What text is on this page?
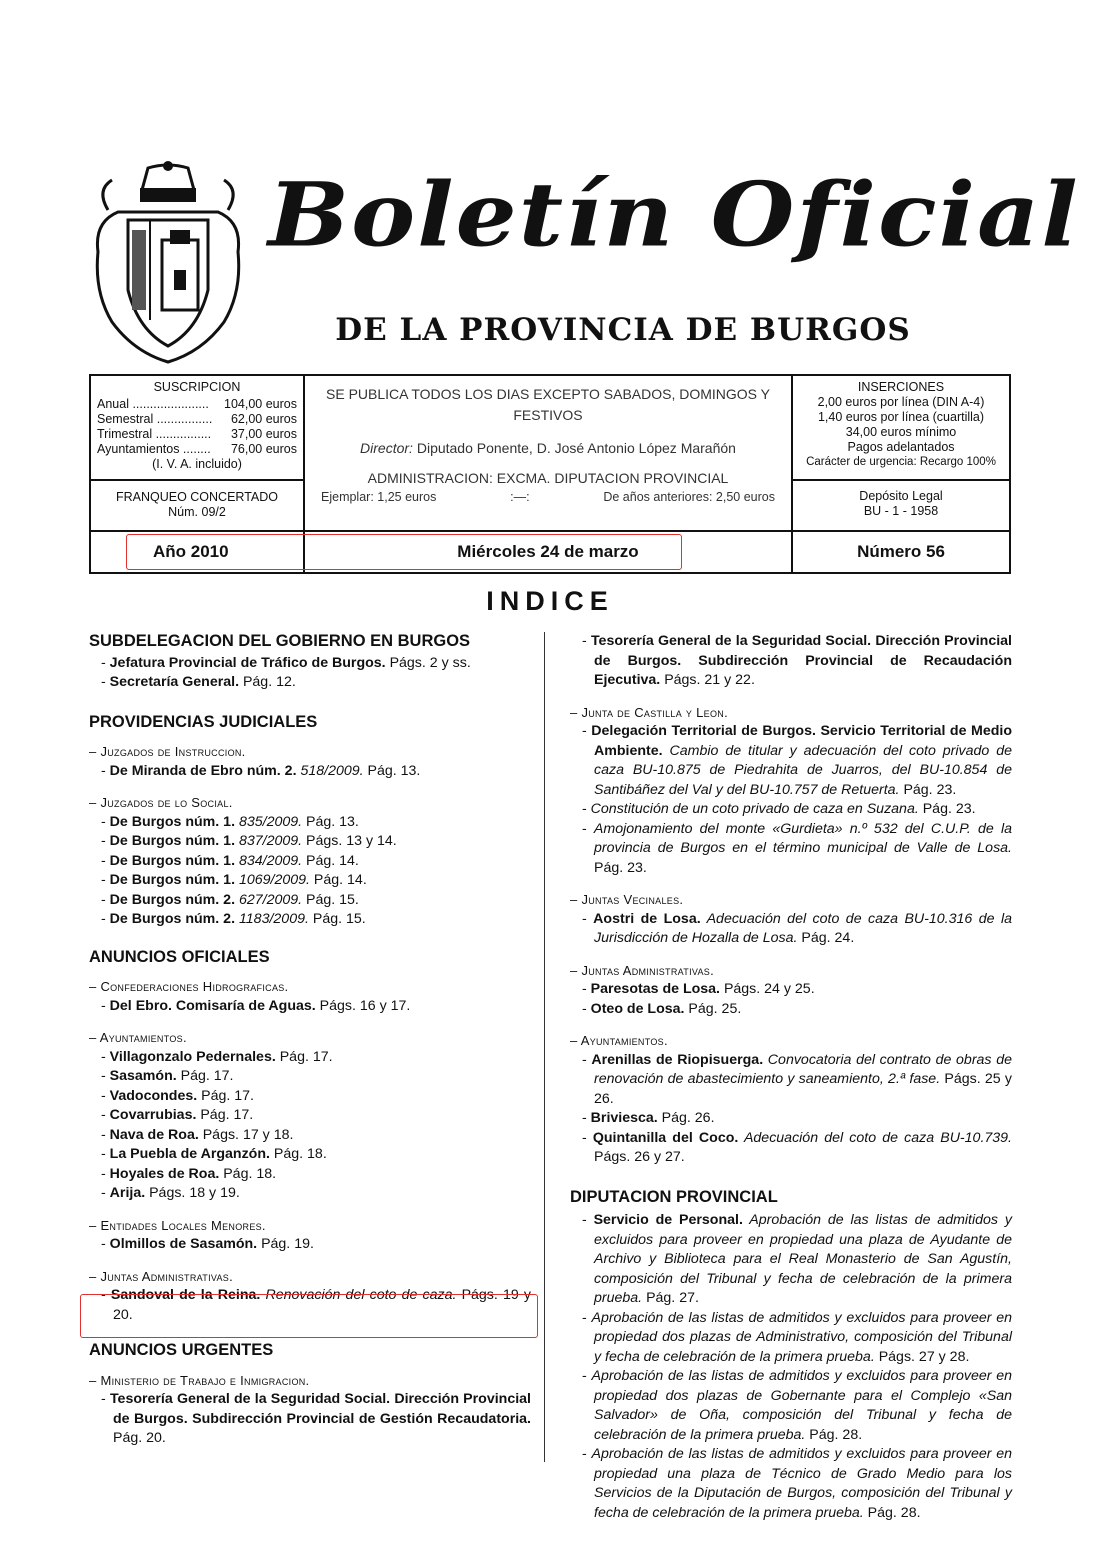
Boletín Oficial
DE LA PROVINCIA DE BURGOS
SUSCRIPCION
Anual ...................... 104,00 euros
Semestral ................ 62,00 euros
Trimestral ................ 37,00 euros
Ayuntamientos ........ 76,00 euros
(I. V. A. incluido)
FRANQUEO CONCERTADO
Núm. 09/2
SE PUBLICA TODOS LOS DIAS EXCEPTO SABADOS, DOMINGOS Y FESTIVOS
Director: Diputado Ponente, D. José Antonio López Marañón
ADMINISTRACION: EXCMA. DIPUTACION PROVINCIAL
Ejemplar: 1,25 euros	:—:	De años anteriores: 2,50 euros
INSERCIONES
2,00 euros por línea (DIN A-4)
1,40 euros por línea (cuartilla)
34,00 euros mínimo
Pagos adelantados
Carácter de urgencia: Recargo 100%
Depósito Legal
BU - 1 - 1958
Año 2010	Miércoles 24 de marzo	Número 56
INDICE
SUBDELEGACION DEL GOBIERNO EN BURGOS
- Jefatura Provincial de Tráfico de Burgos. Págs. 2 y ss.
- Secretaría General. Pág. 12.
PROVIDENCIAS JUDICIALES
– Juzgados de Instruccion.
- De Miranda de Ebro núm. 2. 518/2009. Pág. 13.
– Juzgados de lo Social.
- De Burgos núm. 1. 835/2009. Pág. 13.
- De Burgos núm. 1. 837/2009. Págs. 13 y 14.
- De Burgos núm. 1. 834/2009. Pág. 14.
- De Burgos núm. 1. 1069/2009. Pág. 14.
- De Burgos núm. 2. 627/2009. Pág. 15.
- De Burgos núm. 2. 1183/2009. Pág. 15.
ANUNCIOS OFICIALES
– Confederaciones Hidrograficas.
- Del Ebro. Comisaría de Aguas. Págs. 16 y 17.
– Ayuntamientos.
- Villagonzalo Pedernales. Pág. 17.
- Sasamón. Pág. 17.
- Vadocondes. Pág. 17.
- Covarrubias. Pág. 17.
- Nava de Roa. Págs. 17 y 18.
- La Puebla de Arganzón. Pág. 18.
- Hoyales de Roa. Pág. 18.
- Arija. Págs. 18 y 19.
– Entidades Locales Menores.
- Olmillos de Sasamón. Pág. 19.
– Juntas Administrativas.
- Sandoval de la Reina. Renovación del coto de caza. Págs. 19 y 20.
ANUNCIOS URGENTES
– Ministerio de Trabajo e Inmigracion.
- Tesorería General de la Seguridad Social. Dirección Provincial de Burgos. Subdirección Provincial de Gestión Recaudatoria. Pág. 20.
- Tesorería General de la Seguridad Social. Dirección Provincial de Burgos. Subdirección Provincial de Recaudación Ejecutiva. Págs. 21 y 22.
– Junta de Castilla y Leon.
- Delegación Territorial de Burgos. Servicio Territorial de Medio Ambiente. Cambio de titular y adecuación del coto privado de caza BU-10.875 de Piedrahita de Juarros, del BU-10.854 de Santibáñez del Val y del BU-10.757 de Retuerta. Pág. 23.
- Constitución de un coto privado de caza en Suzana. Pág. 23.
- Amojonamiento del monte «Gurdieta» n.º 532 del C.U.P. de la provincia de Burgos en el término municipal de Valle de Losa. Pág. 23.
– Juntas Vecinales.
- Aostri de Losa. Adecuación del coto de caza BU-10.316 de la Jurisdicción de Hozalla de Losa. Pág. 24.
– Juntas Administrativas.
- Paresotas de Losa. Págs. 24 y 25.
- Oteo de Losa. Pág. 25.
– Ayuntamientos.
- Arenillas de Riopisuerga. Convocatoria del contrato de obras de renovación de abastecimiento y saneamiento, 2.ª fase. Págs. 25 y 26.
- Briviesca. Pág. 26.
- Quintanilla del Coco. Adecuación del coto de caza BU-10.739. Págs. 26 y 27.
DIPUTACION PROVINCIAL
- Servicio de Personal. Aprobación de las listas de admitidos y excluidos para proveer en propiedad una plaza de Ayudante de Archivo y Biblioteca para el Real Monasterio de San Agustín, composición del Tribunal y fecha de celebración de la primera prueba. Pág. 27.
- Aprobación de las listas de admitidos y excluidos para proveer en propiedad dos plazas de Administrativo, composición del Tribunal y fecha de celebración de la primera prueba. Págs. 27 y 28.
- Aprobación de las listas de admitidos y excluidos para proveer en propiedad dos plazas de Gobernante para el Complejo «San Salvador» de Oña, composición del Tribunal y fecha de celebración de la primera prueba. Pág. 28.
- Aprobación de las listas de admitidos y excluidos para proveer en propiedad una plaza de Técnico de Grado Medio para los Servicios de la Diputación de Burgos, composición del Tribunal y fecha de celebración de la primera prueba. Pág. 28.
